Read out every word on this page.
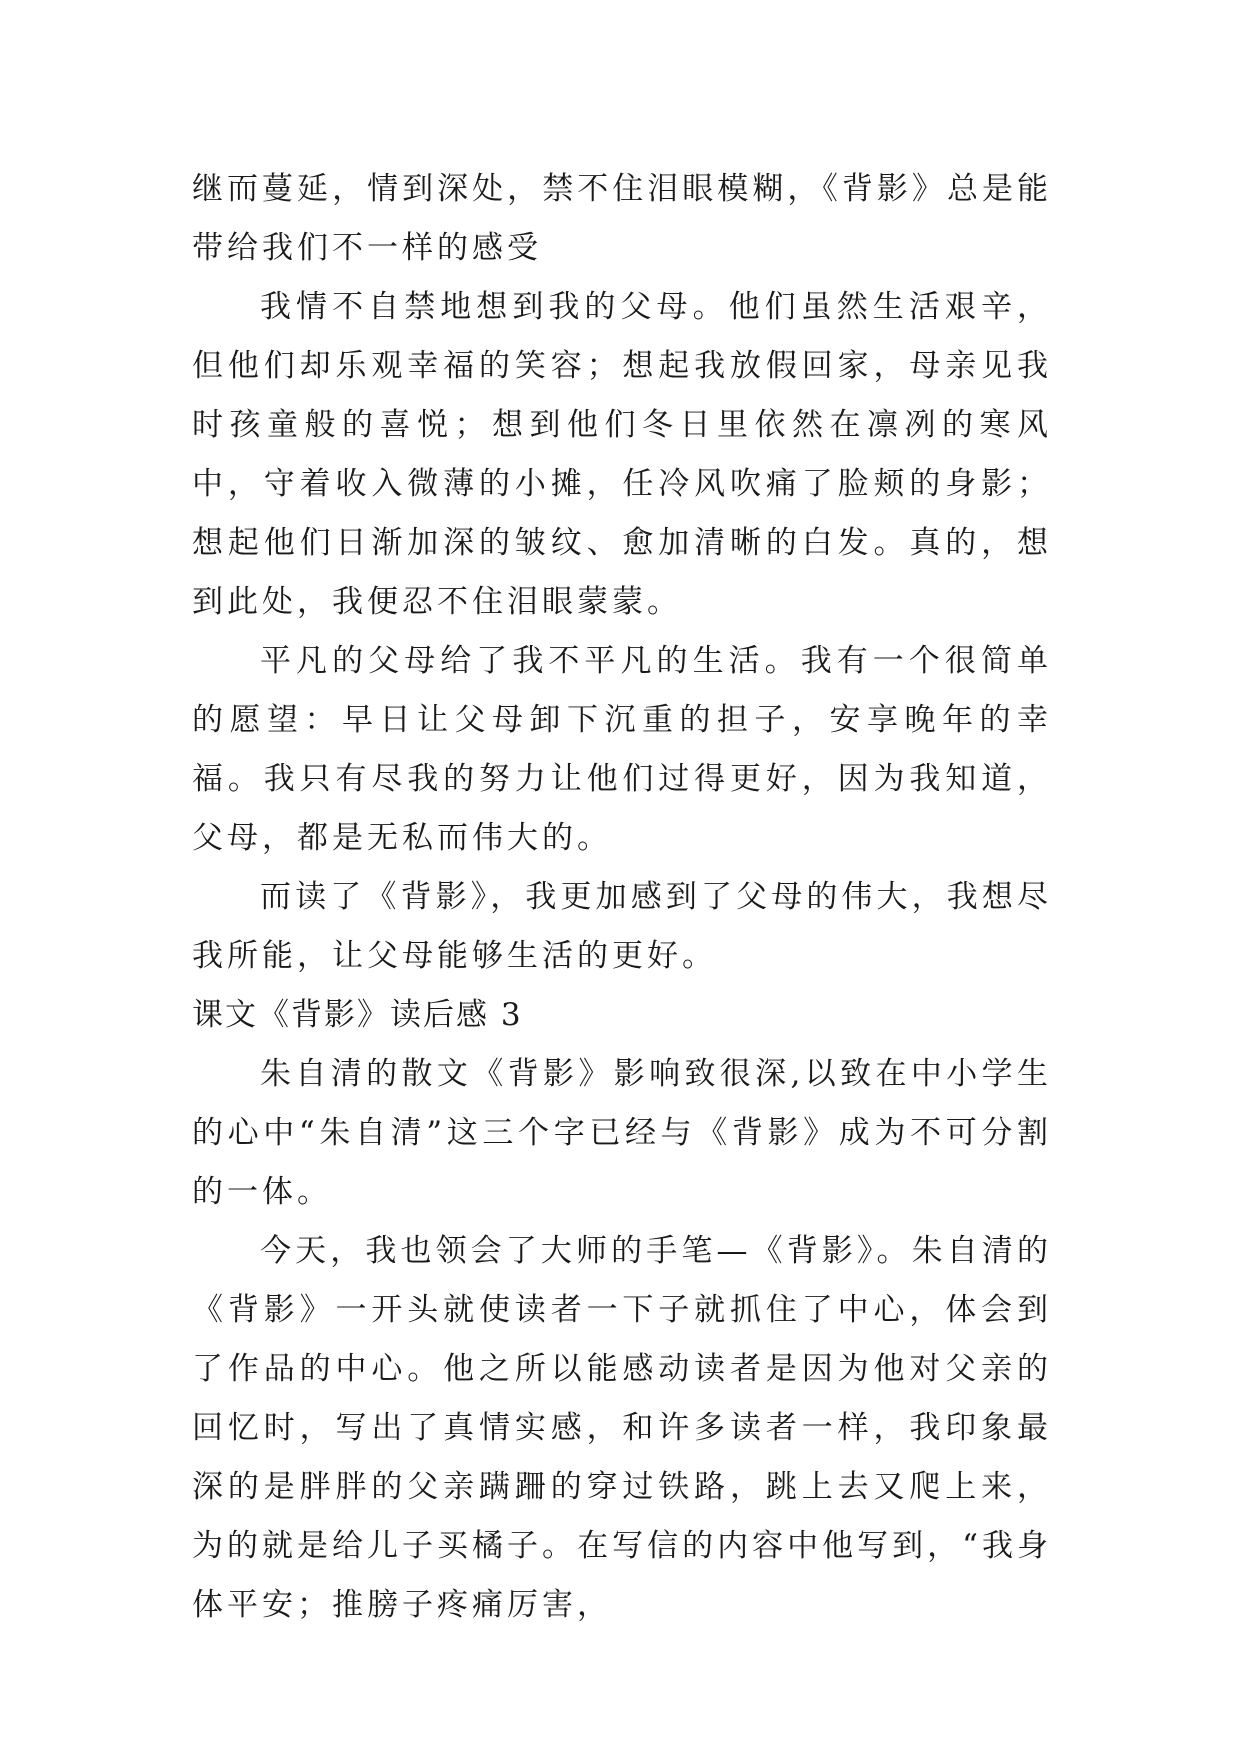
继而蔓延，情到深处，禁不住泪眼模糊，《背影》总是能带给我们不一样的感受

我情不自禁地想到我的父母。他们虽然生活艰辛，但他们却乐观幸福的笑容；想起我放假回家，母亲见我时孩童般的喜悦；想到他们冬日里依然在凛冽的寒风中，守着收入微薄的小摊，任冷风吹痛了脸颊的身影；想起他们日渐加深的皱纹、愈加清晰的白发。真的，想到此处，我便忍不住泪眼蒙蒙。

平凡的父母给了我不平凡的生活。我有一个很简单的愿望：早日让父母卸下沉重的担子，安享晚年的幸福。我只有尽我的努力让他们过得更好，因为我知道，父母，都是无私而伟大的。

而读了《背影》，我更加感到了父母的伟大，我想尽我所能，让父母能够生活的更好。

课文《背影》读后感 3

朱自清的散文《背影》影响致很深,以致在中小学生的心中“朱自清”这三个字已经与《背影》成为不可分割的一体。

今天，我也领会了大师的手笔—《背影》。朱自清的《背影》一开头就使读者一下子就抓住了中心，体会到了作品的中心。他之所以能感动读者是因为他对父亲的回忆时，写出了真情实感，和许多读者一样，我印象最深的是胖胖的父亲蹒跚的穿过铁路，跳上去又爬上来，为的就是给儿子买橘子。在写信的内容中他写到，“我身体平安；推膀子疼痛厉害，
